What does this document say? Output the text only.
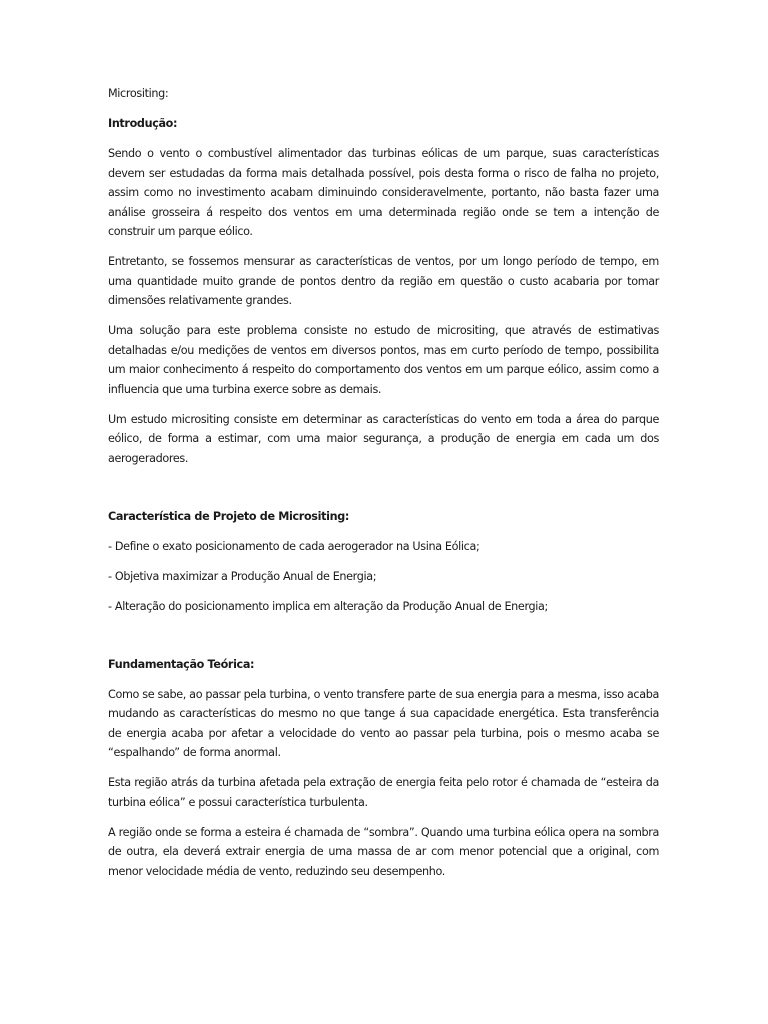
Micrositing:

Introdução:

Sendo o vento o combustível alimentador das turbinas eólicas de um parque, suas características devem ser estudadas da forma mais detalhada possível, pois desta forma o risco de falha no projeto, assim como no investimento acabam diminuindo consideravelmente, portanto, não basta fazer uma análise grosseira á respeito dos ventos em uma determinada região onde se tem a intenção de construir um parque eólico.

Entretanto, se fossemos mensurar as características de ventos, por um longo período de tempo, em uma quantidade muito grande de pontos dentro da região em questão o custo acabaria por tomar dimensões relativamente grandes.

Uma solução para este problema consiste no estudo de micrositing, que através de estimativas detalhadas e/ou medições de ventos em diversos pontos, mas em curto período de tempo, possibilita um maior conhecimento á respeito do comportamento dos ventos em um parque eólico, assim como a influencia que uma turbina exerce sobre as demais.

Um estudo micrositing consiste em determinar as características do vento em toda a área do parque eólico, de forma a estimar, com uma maior segurança, a produção de energia em cada um dos aerogeradores.

Característica de Projeto de Micrositing:

- Define o exato posicionamento de cada aerogerador na Usina Eólica;

- Objetiva maximizar a Produção Anual de Energia;

- Alteração do posicionamento implica em alteração da Produção Anual de Energia;

Fundamentação Teórica:

Como se sabe, ao passar pela turbina, o vento transfere parte de sua energia para a mesma, isso acaba mudando as características do mesmo no que tange á sua capacidade energética. Esta transferência de energia acaba por afetar a velocidade do vento ao passar pela turbina, pois o mesmo acaba se “espalhando” de forma anormal.

Esta região atrás da turbina afetada pela extração de energia feita pelo rotor é chamada de “esteira da turbina eólica” e possui característica turbulenta.

A região onde se forma a esteira é chamada de “sombra”. Quando uma turbina eólica opera na sombra de outra, ela deverá extrair energia de uma massa de ar com menor potencial que a original, com menor velocidade média de vento, reduzindo seu desempenho.
